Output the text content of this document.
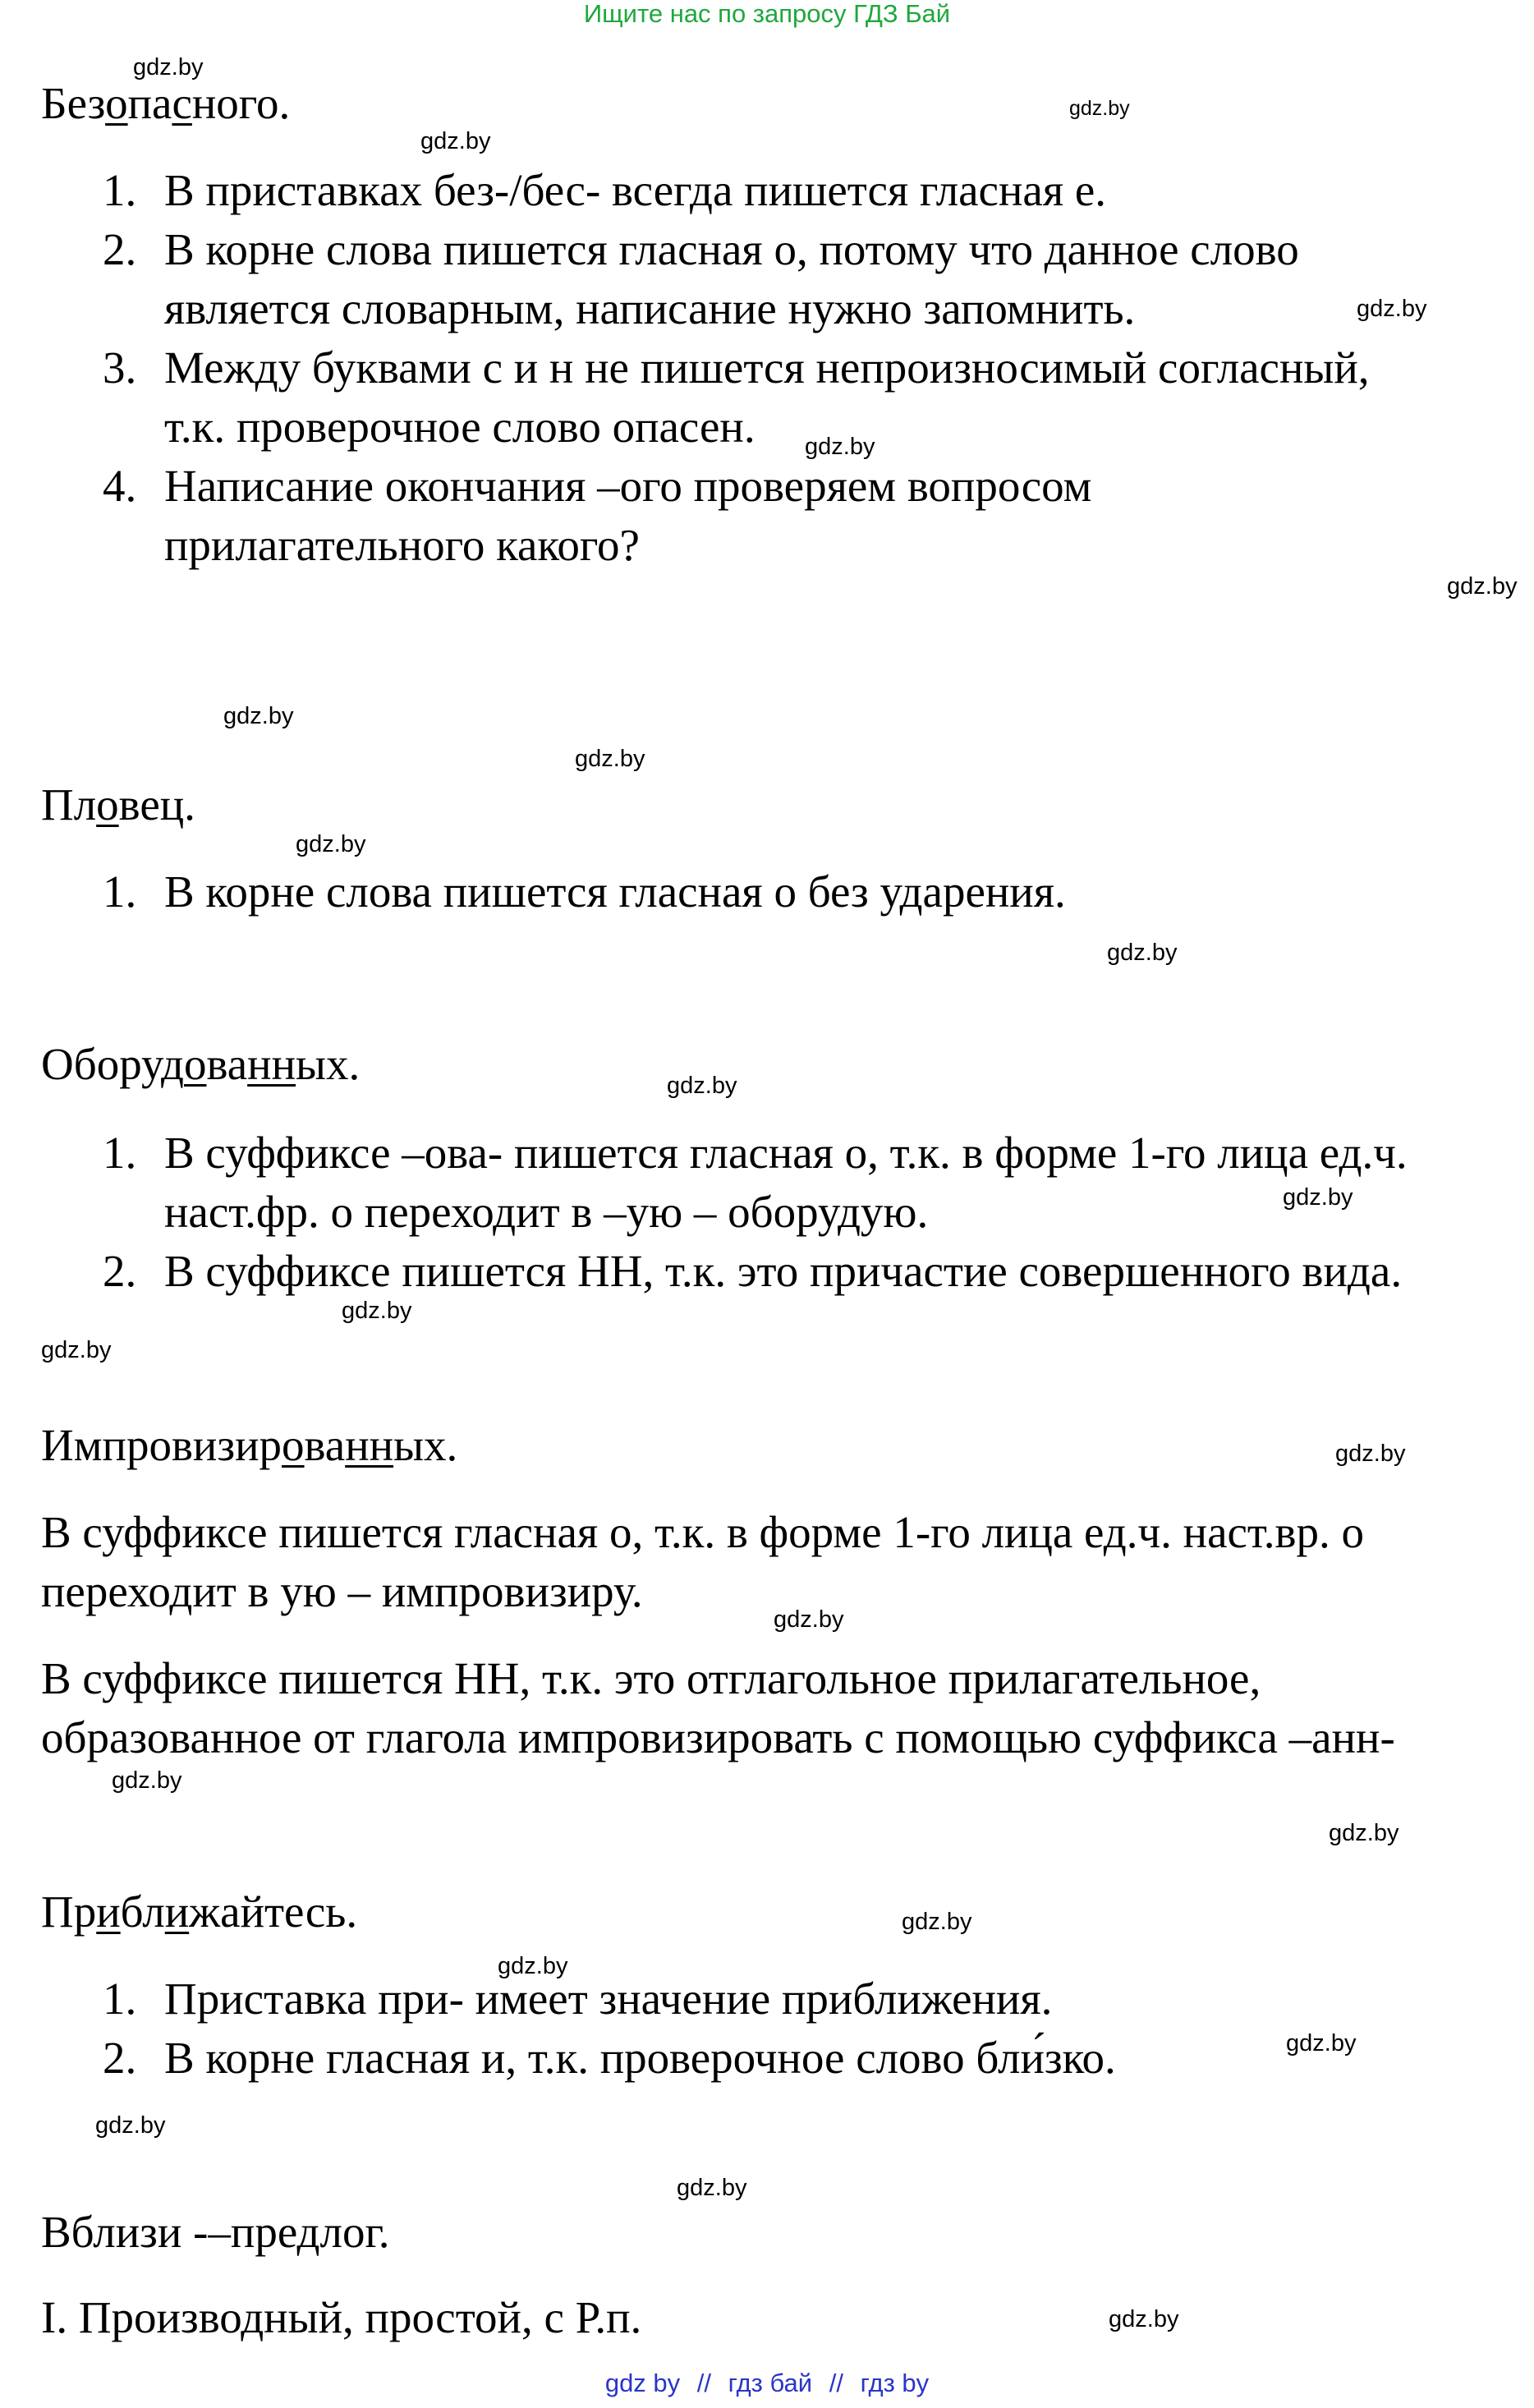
Ищите нас по запросу ГДЗ Бай
Безопасного.
1. В приставках без-/бес- всегда пишется гласная е.
2. В корне слова пишется гласная о, потому что данное слово
является словарным, написание нужно запомнить.
3. Между буквами с и н не пишется непроизносимый согласный,
т.к. проверочное слово опасен.
4. Написание окончания –ого проверяем вопросом
прилагательного какого?
Пловец.
1. В корне слова пишется гласная о без ударения.
Оборудованных.
1. В суффиксе –ова- пишется гласная о, т.к. в форме 1-го лица ед.ч.
наст.фр. о переходит в –ую – оборудую.
2. В суффиксе пишется НН, т.к. это причастие совершенного вида.
Импровизированных.
В суффиксе пишется гласная о, т.к. в форме 1-го лица ед.ч. наст.вр. о
переходит в ую – импровизиру.
В суффиксе пишется НН, т.к. это отглагольное прилагательное,
образованное от глагола импровизировать с помощью суффикса –анн-
Приближайтесь.
1. Приставка при- имеет значение приближения.
2. В корне гласная и, т.к. проверочное слово бли́зко.
Вблизи -–предлог.
I. Производный, простой, с Р.п.
gdz.by
gdz.by
gdz.by
gdz.by
gdz.by
gdz.by
gdz.by
gdz.by
gdz.by
gdz.by
gdz.by
gdz.by
gdz.by
gdz.by
gdz.by
gdz.by
gdz.by
gdz.by
gdz.by
gdz.by
gdz.by
gdz.by
gdz.by
gdz.by
gdz by // гдз бай // гдз by
